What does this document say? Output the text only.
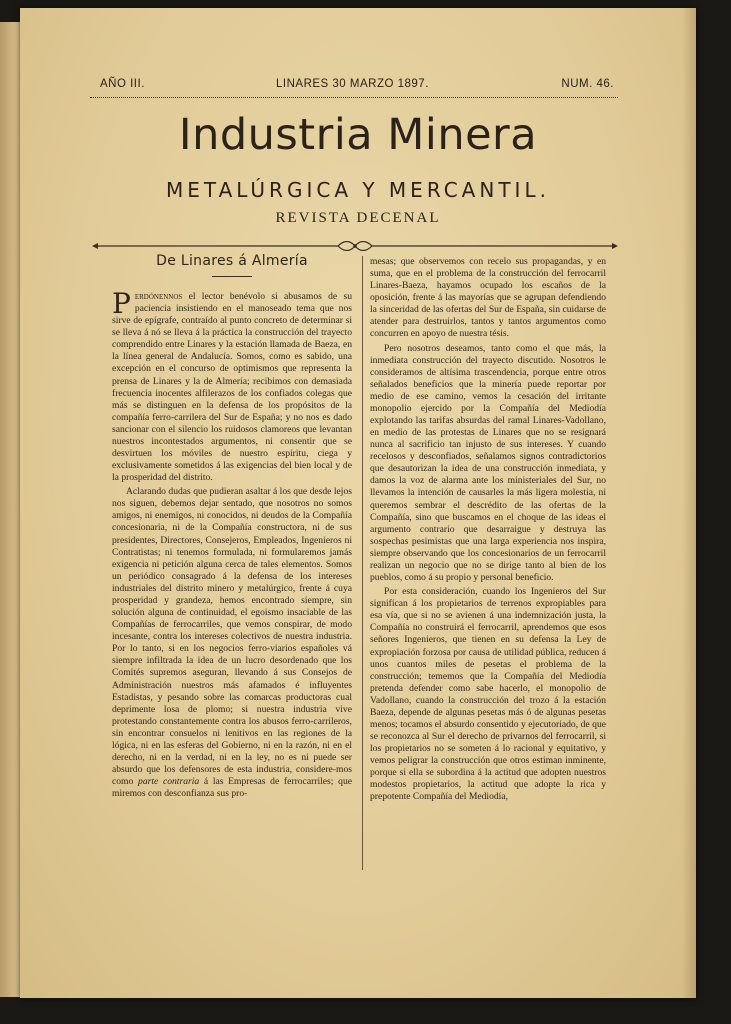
AÑO III.	LINARES 30 MARZO 1897.	NUM. 46.
Industria Minera
METALÚRGICA Y MERCANTIL.
REVISTA DECENAL
De Linares á Almería

Perdónennos el lector benévolo si abusamos de su paciencia insistiendo en el manoseado tema que nos sirve de epígrafe, contraído al punto concreto de determinar si se lleva á nó se lleva á la práctica la construcción del trayecto comprendido entre Linares y la estación llamada de Baeza, en la línea general de Andalucía. Somos, como es sabido, una excepción en el concurso de optimismos que representa la prensa de Linares y la de Almería; recibimos con demasiada frecuencia inocentes alfilerazos de los confiados colegas que más se distinguen en la defensa de los propósitos de la compañía ferro-carrilera del Sur de España; y no nos es dado sancionar con el silencio los ruidosos clamoreos que levantan nuestros incontestados argumentos, ni consentir que se desvirtuen los móviles de nuestro espíritu, ciega y exclusivamente sometidos á las exigencias del bien local y de la prosperidad del distrito.

Aclarando dudas que pudieran asaltar á los que desde lejos nos siguen, debemos dejar sentado, que nosotros no somos amigos, ni enemigos, ni conocidos, ni deudos de la Compañía concesionaria, ni de la Compañía constructora, ni de sus presidentes, Directores, Consejeros, Empleados, Ingenieros ni Contratistas; ni tenemos formulada, ni formularemos jamás exigencia ni petición alguna cerca de tales elementos. Somos un periódico consagrado á la defensa de los intereses industriales del distrito minero y metalúrgico, frente á cuya prosperidad y grandeza, hemos encontrado siempre, sin solución alguna de continuidad, el egoismo insaciable de las Compañías de ferrocarriles, que vemos conspirar, de modo incesante, contra los intereses colectivos de nuestra industria. Por lo tanto, si en los negocios ferro-viarios españoles vá siempre infiltrada la idea de un lucro desordenado que los Comités supremos aseguran, llevando á sus Consejos de Administración nuestros más afamados é influyentes Estadistas, y pesando sobre las comarcas productoras cual deprimente losa de plomo; si nuestra industria vive protestando constantemente contra los abusos ferro-carrileros, sin encontrar consuelos ni lenitivos en las regiones de la lógica, ni en las esferas del Gobierno, ni en la razón, ni en el derecho, ni en la verdad, ni en la ley, no es ni puede ser absurdo que los defensores de esta industria, considere-mos como parte contraria á las Empresas de ferrocarriles; que miremos con desconfianza sus pro-

mesas; que observemos con recelo sus propagandas, y en suma, que en el problema de la construcción del ferrocarril Linares-Baeza, hayamos ocupado los escaños de la oposición, frente á las mayorías que se agrupan defendiendo la sinceridad de las ofertas del Sur de España, sin cuidarse de atender para destruirlos, tantos y tantos argumentos como concurren en apoyo de nuestra tésis.

Pero nosotros deseamos, tanto como el que más, la inmediata construcción del trayecto discutido. Nosotros le consideramos de altísima trascendencia, porque entre otros señalados beneficios que la minería puede reportar por medio de ese camino, vemos la cesación del irritante monopolio ejercido por la Compañía del Mediodía explotando las tarifas absurdas del ramal Linares-Vadollano, en medio de las protestas de Linares que no se resignará nunca al sacrificio tan injusto de sus intereses. Y cuando recelosos y desconfiados, señalamos signos contradictorios que desautorizan la idea de una construcción inmediata, y damos la voz de alarma ante los ministeriales del Sur, no llevamos la intención de causarles la más ligera molestia, ni queremos sembrar el descrédito de las ofertas de la Compañía, sino que buscamos en el choque de las ideas el argumento contrario que desarraigue y destruya las sospechas pesimistas que una larga experiencia nos inspira, siempre observando que los concesionarios de un ferrocarril realizan un negocio que no se dirige tanto al bien de los pueblos, como á su propio y personal beneficio.

Por esta consideración, cuando los Ingenieros del Sur signifícan á los propietarios de terrenos expropiables para esa vía, que si no se avienen á una indemnización justa, la Compañía no construirá el ferrocarril, aprendemos que esos señores Ingenieros, que tienen en su defensa la Ley de expropiación forzosa por causa de utilidad pública, reducen á unos cuantos miles de pesetas el problema de la construcción; tememos que la Compañía del Mediodía pretenda defender como sabe hacerlo, el monopolio de Vadollano, cuando la construcción del trozo á la estación Baeza, depende de algunas pesetas más ó de algunas pesetas menos; tocamos el absurdo consentido y ejecutoriado, de que se reconozca al Sur el derecho de privarnos del ferrocarril, si los propietarios no se someten á lo racional y equitativo, y vemos peligrar la construcción que otros estiman inminente, porque si ella se subordina á la actitud que adopten nuestros modestos propietarios, la actitud que adopte la rica y prepotente Compañía del Mediodía,
